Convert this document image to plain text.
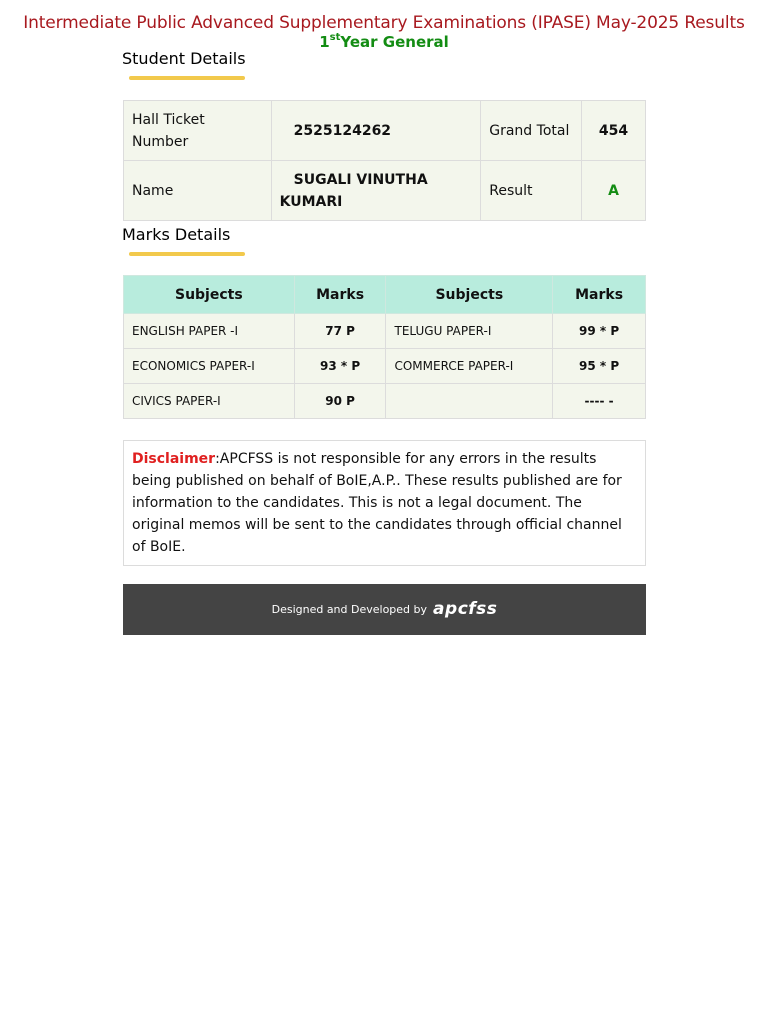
Intermediate Public Advanced Supplementary Examinations (IPASE) May-2025 Results
1stYear General
Student Details
Hall Ticket Number	2525124262	Grand Total	454
Name	SUGALI VINUTHA KUMARI	Result	A
Marks Details
Subjects	Marks	Subjects	Marks
ENGLISH PAPER -I	77 P	TELUGU PAPER-I	99 * P
ECONOMICS PAPER-I	93 * P	COMMERCE PAPER-I	95 * P
CIVICS PAPER-I	90 P		---- -
Disclaimer:APCFSS is not responsible for any errors in the results being published on behalf of BoIE,A.P.. These results published are for information to the candidates. This is not a legal document. The original memos will be sent to the candidates through official channel of BoIE.
Designed and Developed by apcfss
